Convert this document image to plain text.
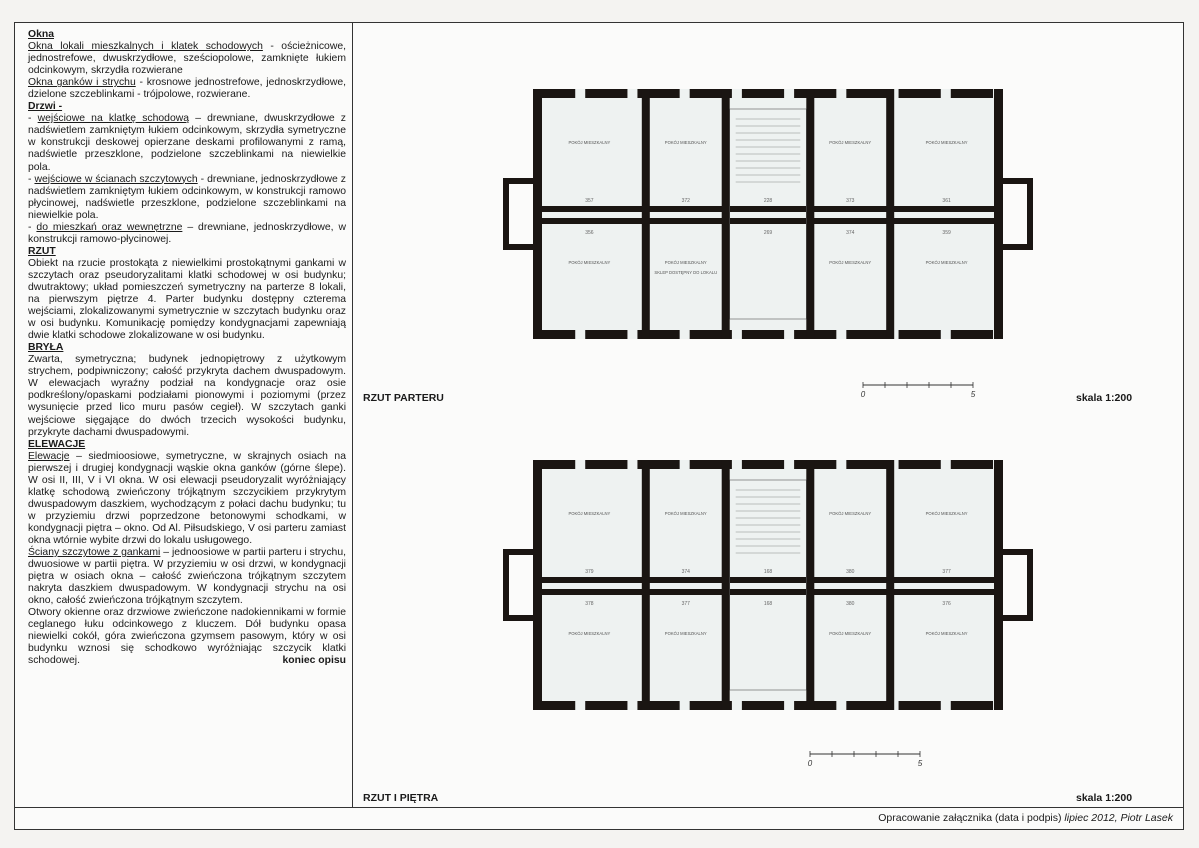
Okna

Okna lokali mieszkalnych i klatek schodowych - ościeżnicowe, jednostrefowe, dwuskrzydłowe, sześciopolowe, zamknięte łukiem odcinkowym, skrzydła rozwierane

Okna ganków i strychu - krosnowe jednostrefowe, jednoskrzydłowe, dzielone szczeblinkami - trójpolowe, rozwierane.

Drzwi -

- wejściowe na klatkę schodową – drewniane, dwuskrzydłowe z nadświetlem zamkniętym łukiem odcinkowym, skrzydła symetryczne w konstrukcji deskowej opierzane deskami profilowanymi z ramą, nadświetle przeszklone, podzielone szczeblinkami na niewielkie pola.

- wejściowe w ścianach szczytowych - drewniane, jednoskrzydłowe z nadświetlem zamkniętym łukiem odcinkowym, w konstrukcji ramowo płycinowej, nadświetle przeszklone, podzielone szczeblinkami na niewielkie pola.

- do mieszkań oraz wewnętrzne – drewniane, jednoskrzydłowe, w konstrukcji ramowo-płycinowej.

RZUT

Obiekt na rzucie prostokąta z niewielkimi prostokątnymi gankami w szczytach oraz pseudoryzalitami klatki schodowej w osi budynku; dwutraktowy; układ pomieszczeń symetryczny na parterze 8 lokali, na pierwszym piętrze 4. Parter budynku dostępny czterema wejściami, zlokalizowanymi symetrycznie w szczytach budynku oraz w osi budynku. Komunikację pomiędzy kondygnacjami zapewniają dwie klatki schodowe zlokalizowane w osi budynku.

BRYŁA

Zwarta, symetryczna; budynek jednopiętrowy z użytkowym strychem, podpiwniczony; całość przykryta dachem dwuspadowym. W elewacjach wyraźny podział na kondygnacje oraz osie podkreślony/opaskami podziałami pionowymi i poziomymi (przez wysunięcie przed lico muru pasów cegieł). W szczytach ganki wejściowe sięgające do dwóch trzecich wysokości budynku, przykryte dachami dwuspadowymi.

ELEWACJE

Elewacje – siedmioosiowe, symetryczne, w skrajnych osiach na pierwszej i drugiej kondygnacji wąskie okna ganków (górne ślepe). W osi II, III, V i VI okna. W osi elewacji pseudoryzalit wyróżniający klatkę schodową zwieńczony trójkątnym szczycikiem przykrytym dwuspadowym daszkiem, wychodzącym z połaci dachu budynku; tu w przyziemiu drzwi poprzedzone betonowymi schodkami, w kondygnacji piętra – okno. Od Al. Piłsudskiego, V osi parteru zamiast okna wtórnie wybite drzwi do lokalu usługowego.

Ściany szczytowe z gankami – jednoosiowe w partii parteru i strychu, dwuosiowe w partii piętra. W przyziemiu w osi drzwi, w kondygnacji piętra w osiach okna – całość zwieńczona trójkątnym szczytem nakryta daszkiem dwuspadowym. W kondygnacji strychu na osi okno, całość zwieńczona trójkątnym szczytem.

Otwory okienne oraz drzwiowe zwieńczone nadokiennikami w formie ceglanego łuku odcinkowego z kluczem. Dół budynku opasa niewielki cokół, góra zwieńczona gzymsem pasowym, który w osi budynku wznosi się schodkowo wyróżniając szczycik klatki schodowej.	koniec opisu

POKÓJ MIESZKALNY
POKÓJ MIESZKALNY
POKÓJ MIESZKALNY
POKÓJ MIESZKALNY
POKÓJ MIESZKALNY
POKÓJ MIESZKALNY
POKÓJ MIESZKALNY
POKÓJ MIESZKALNY
357	372	228	373	361
356	269	374	359
SKLEP DOSTĘPNY DO LOKALU
POKÓJ MIESZKALNY
POKÓJ MIESZKALNY
POKÓJ MIESZKALNY
POKÓJ MIESZKALNY
POKÓJ MIESZKALNY
POKÓJ MIESZKALNY
POKÓJ MIESZKALNY
POKÓJ MIESZKALNY
379	374	168	380	377
378	377	168	380	376
0	5
0	5
RZUT PARTERU	skala 1:200
RZUT I PIĘTRA	skala 1:200
Opracowanie załącznika (data i podpis) lipiec 2012, Piotr Lasek
